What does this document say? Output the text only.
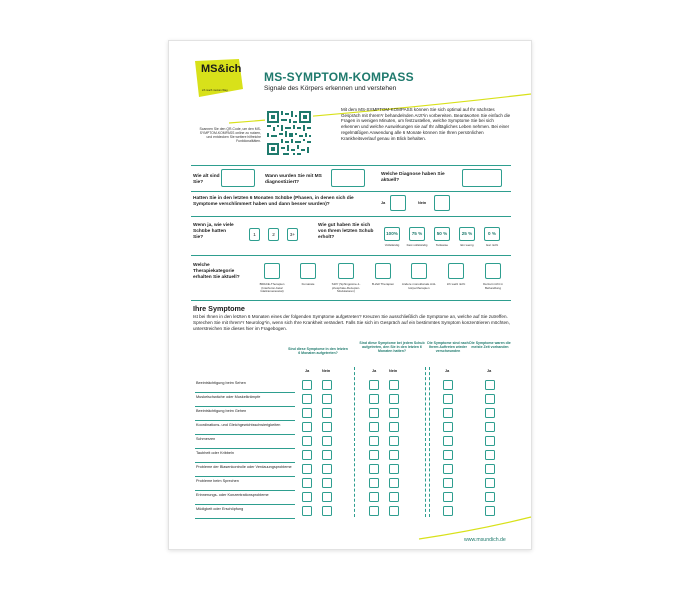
MS&ich
ich mach meinen Weg
MS-SYMPTOM-KOMPASS
Signale des Körpers erkennen und verstehen
Scannen Sie den QR-Code, um den MS-SYMPTOM-KOMPASS online zu nutzen, und entdecken Sie weitere hilfreiche Funktionalitäten.
Mit dem MS-SYMPTOM-KOMPASS können Sie sich optimal auf Ihr nächstes Gespräch mit Ihrem*r behandelnden Arzt*in vorbereiten. Beantworten Sie einfach die Fragen in wenigen Minuten, um festzustellen, welche Symptome Sie bei sich erkennen und welche Auswirkungen sie auf Ihr alltägliches Leben nehmen. Bei einer regelmäßigen Anwendung alle 6 Monate können Sie Ihren persönlichen Krankheitsverlauf genau im Blick behalten.
Wie alt sind Sie?
Wann wurden Sie mit MS diagnostiziert?
Welche Diagnose haben Sie aktuell?
Hatten Sie in den letzten 6 Monaten Schübe (Phasen, in denen sich die Symptome verschlimmert haben und dann besser wurden)?	Ja	Nein
Wenn ja, wie viele Schübe hatten Sie?
1	2	3+
Wie gut haben Sie sich von Ihrem letzten Schub erholt?
100%	75 %	50 %	25 %	0 %
Vollständig	Fast vollständig	Teilweise	Ein wenig	Gar nicht
Welche Therapiekategorie erhalten Sie aktuell?
BRACE-Therapien (Interferon-beta/ Glatirameracetat)
Fumarate	S1Pr (Sphingosine-1-phosphate-Rezeptor-Modulatoren)
B-Zell Therapien	Andere monoklonale Anti-körpertherapien
Ich weiß nicht	Derzeit nicht in Behandlung
Ihre Symptome
Ist bei Ihnen in den letzten 6 Monaten eines der folgenden Symptome aufgetreten? Kreuzen Sie ausschließlich die Symptome an, welche auf Sie zutreffen. Sprechen Sie mit Ihrem*r Neurolog*in, wenn sich Ihre Krankheit verändert. Falls Sie sich im Gespräch auf ein bestimmtes Symptom konzentrieren möchten, unterstreichen Sie dieses hier im Fragebogen.
Sind diese Symptome in den letzten 6 Monaten aufgetreten?
Sind diese Symptome bei jedem Schub aufgetreten, den Sie in den letzten 6 Monaten hatten?
Die Symptome sind nach Ihrem Auftreten wieder verschwunden
Die Symptome waren die meiste Zeit vorhanden
Ja	Nein	Ja	Nein	Ja	Ja
Beeinträchtigung beim Sehen
Muskelschwäche oder Muskelkrämpfe
Beeinträchtigung beim Gehen
Koordinations- und Gleichgewichtsschwierigkeiten
Schmerzen
Taubheit oder Kribbeln
Probleme der Blasenkontrolle oder Verdauungsprobleme
Probleme beim Sprechen
Erinnerungs- oder Konzentrationsprobleme
Müdigkeit oder Erschöpfung
www.msundich.de
